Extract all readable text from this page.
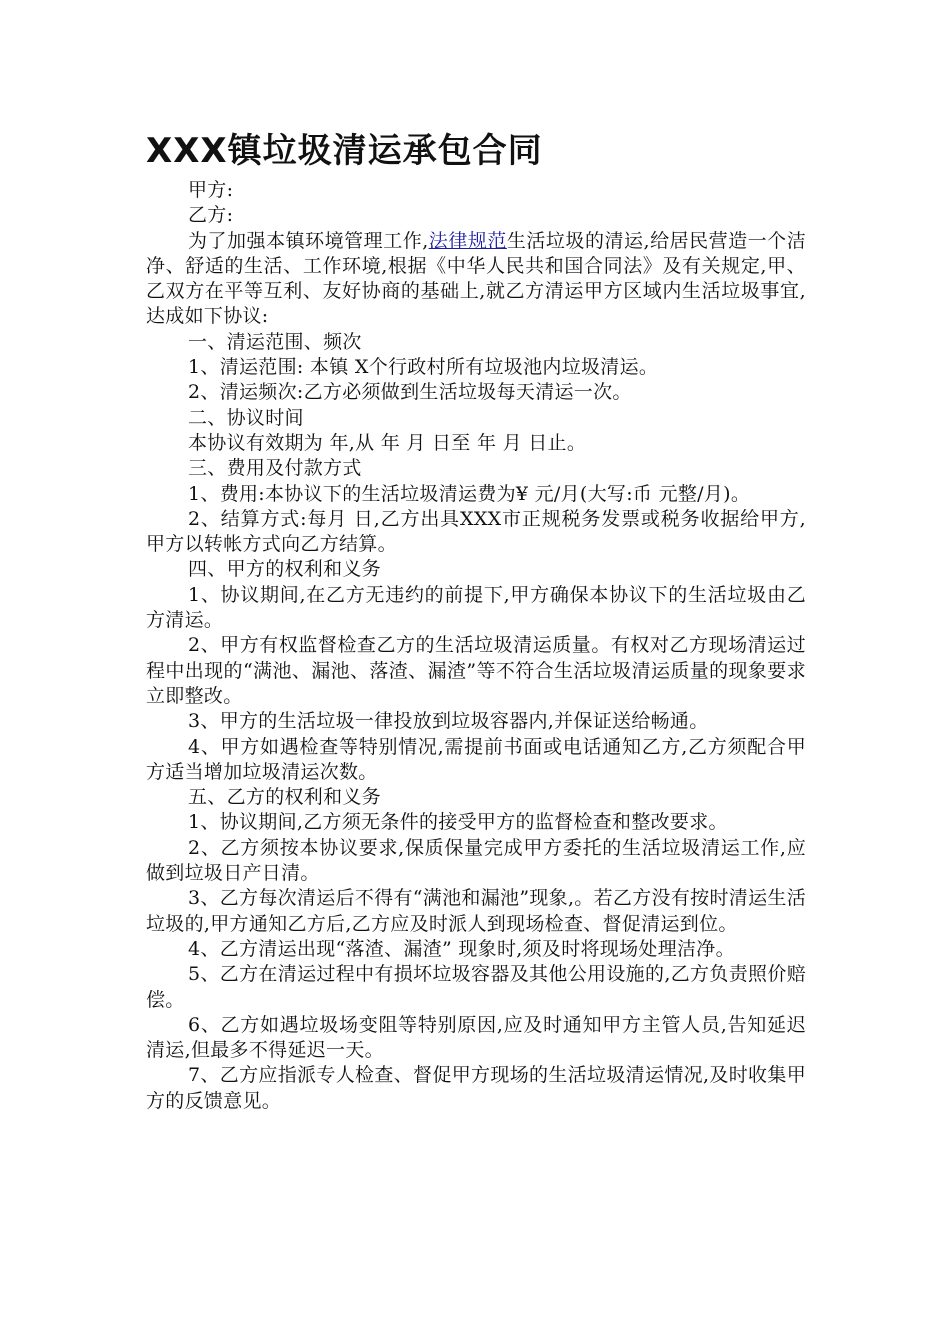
XXX镇垃圾清运承包合同

甲方:

乙方:

为了加强本镇环境管理工作,法律规范生活垃圾的清运,给居民营造一个洁净、舒适的生活、工作环境,根据《中华人民共和国合同法》及有关规定,甲、乙双方在平等互利、友好协商的基础上,就乙方清运甲方区域内生活垃圾事宜,达成如下协议:

一、清运范围、频次

1、清运范围: 本镇 X个行政村所有垃圾池内垃圾清运。

2、清运频次:乙方必须做到生活垃圾每天清运一次。

二、协议时间

本协议有效期为 年,从 年 月 日至 年 月 日止。

三、费用及付款方式

1、费用:本协议下的生活垃圾清运费为¥ 元/月(大写:币 元整/月)。

2、结算方式:每月 日,乙方出具XXX市正规税务发票或税务收据给甲方,甲方以转帐方式向乙方结算。

四、甲方的权利和义务

1、协议期间,在乙方无违约的前提下,甲方确保本协议下的生活垃圾由乙方清运。

2、甲方有权监督检查乙方的生活垃圾清运质量。有权对乙方现场清运过程中出现的“满池、漏池、落渣、漏渣”等不符合生活垃圾清运质量的现象要求立即整改。

3、甲方的生活垃圾一律投放到垃圾容器内,并保证送给畅通。

4、甲方如遇检查等特别情况,需提前书面或电话通知乙方,乙方须配合甲方适当增加垃圾清运次数。

五、乙方的权利和义务

1、协议期间,乙方须无条件的接受甲方的监督检查和整改要求。

2、乙方须按本协议要求,保质保量完成甲方委托的生活垃圾清运工作,应做到垃圾日产日清。

3、乙方每次清运后不得有“满池和漏池”现象,。若乙方没有按时清运生活垃圾的,甲方通知乙方后,乙方应及时派人到现场检查、督促清运到位。

4、乙方清运出现“落渣、漏渣” 现象时,须及时将现场处理洁净。

5、乙方在清运过程中有损坏垃圾容器及其他公用设施的,乙方负责照价赔偿。

6、乙方如遇垃圾场变阻等特别原因,应及时通知甲方主管人员,告知延迟清运,但最多不得延迟一天。

7、乙方应指派专人检查、督促甲方现场的生活垃圾清运情况,及时收集甲方的反馈意见。
